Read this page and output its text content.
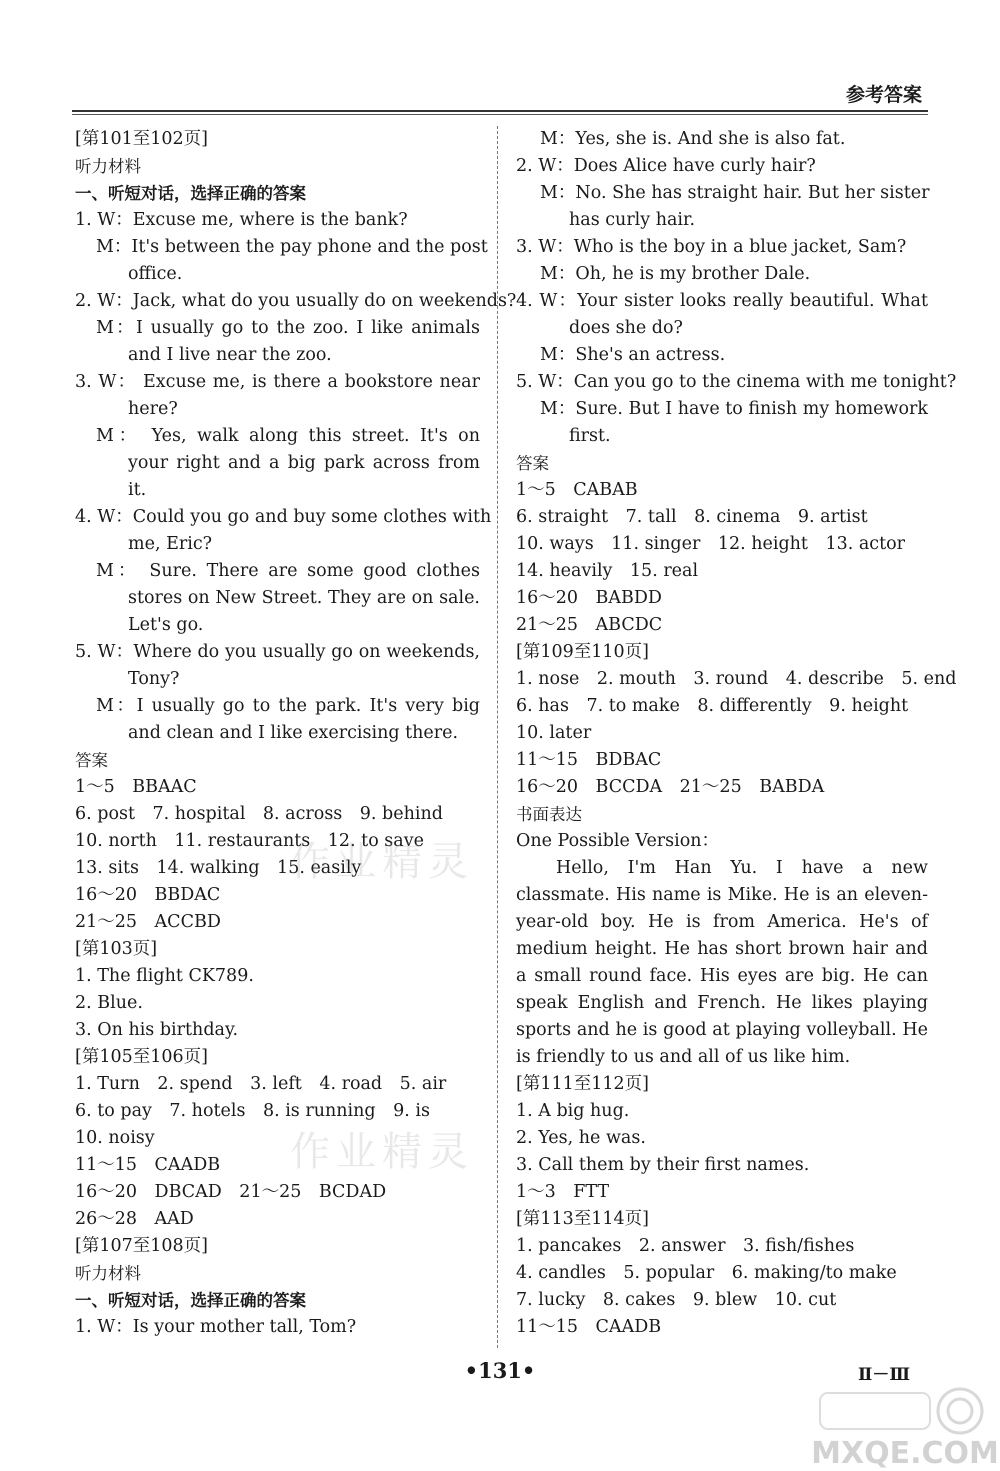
参考答案
[第101至102页]
听力材料
一、听短对话，选择正确的答案
1. W：Excuse me, where is the bank?
M：It's between the pay phone and the post
office.
2. W：Jack, what do you usually do on weekends?
M：I usually go to the zoo. I like animals
and I live near the zoo.
3. W： Excuse me, is there a bookstore near
here?
M： Yes, walk along this street. It's on
your right and a big park across from
it.
4. W：Could you go and buy some clothes with
me, Eric?
M： Sure. There are some good clothes
stores on New Street. They are on sale.
Let's go.
5. W：Where do you usually go on weekends,
Tony?
M：I usually go to the park. It's very big
and clean and I like exercising there.
答案
1～5　BBAAC
6. post　7. hospital　8. across　9. behind
10. north　11. restaurants　12. to save
13. sits　14. walking　15. easily
16～20　BBDAC
21～25　ACCBD
[第103页]
1. The flight CK789.
2. Blue.
3. On his birthday.
[第105至106页]
1. Turn　2. spend　3. left　4. road　5. air
6. to pay　7. hotels　8. is running　9. is
10. noisy
11～15　CAADB
16～20　DBCAD　21～25　BCDAD
26～28　AAD
[第107至108页]
听力材料
一、听短对话，选择正确的答案
1. W：Is your mother tall, Tom?
M：Yes, she is. And she is also fat.
2. W：Does Alice have curly hair?
M：No. She has straight hair. But her sister
has curly hair.
3. W：Who is the boy in a blue jacket, Sam?
M：Oh, he is my brother Dale.
4. W：Your sister looks really beautiful. What
does she do?
M：She's an actress.
5. W：Can you go to the cinema with me tonight?
M：Sure. But I have to finish my homework
first.
答案
1～5　CABAB
6. straight　7. tall　8. cinema　9. artist
10. ways　11. singer　12. height　13. actor
14. heavily　15. real
16～20　BABDD
21～25　ABCDC
[第109至110页]
1. nose　2. mouth　3. round　4. describe　5. end
6. has　7. to make　8. differently　9. height
10. later
11～15　BDBAC
16～20　BCCDA　21～25　BABDA
书面表达
One Possible Version：
Hello, I'm Han Yu. I have a new
classmate. His name is Mike. He is an eleven-
year-old boy. He is from America. He's of
medium height. He has short brown hair and
a small round face. His eyes are big. He can
speak English and French. He likes playing
sports and he is good at playing volleyball. He
is friendly to us and all of us like him.
[第111至112页]
1. A big hug.
2. Yes, he was.
3. Call them by their first names.
1～3　FTT
[第113至114页]
1. pancakes　2. answer　3. fish/fishes
4. candles　5. popular　6. making/to make
7. lucky　8. cakes　9. blew　10. cut
11～15　CAADB
作业精灵
作业精灵
•131•	Ⅱ－Ⅲ
MXQE.COM
